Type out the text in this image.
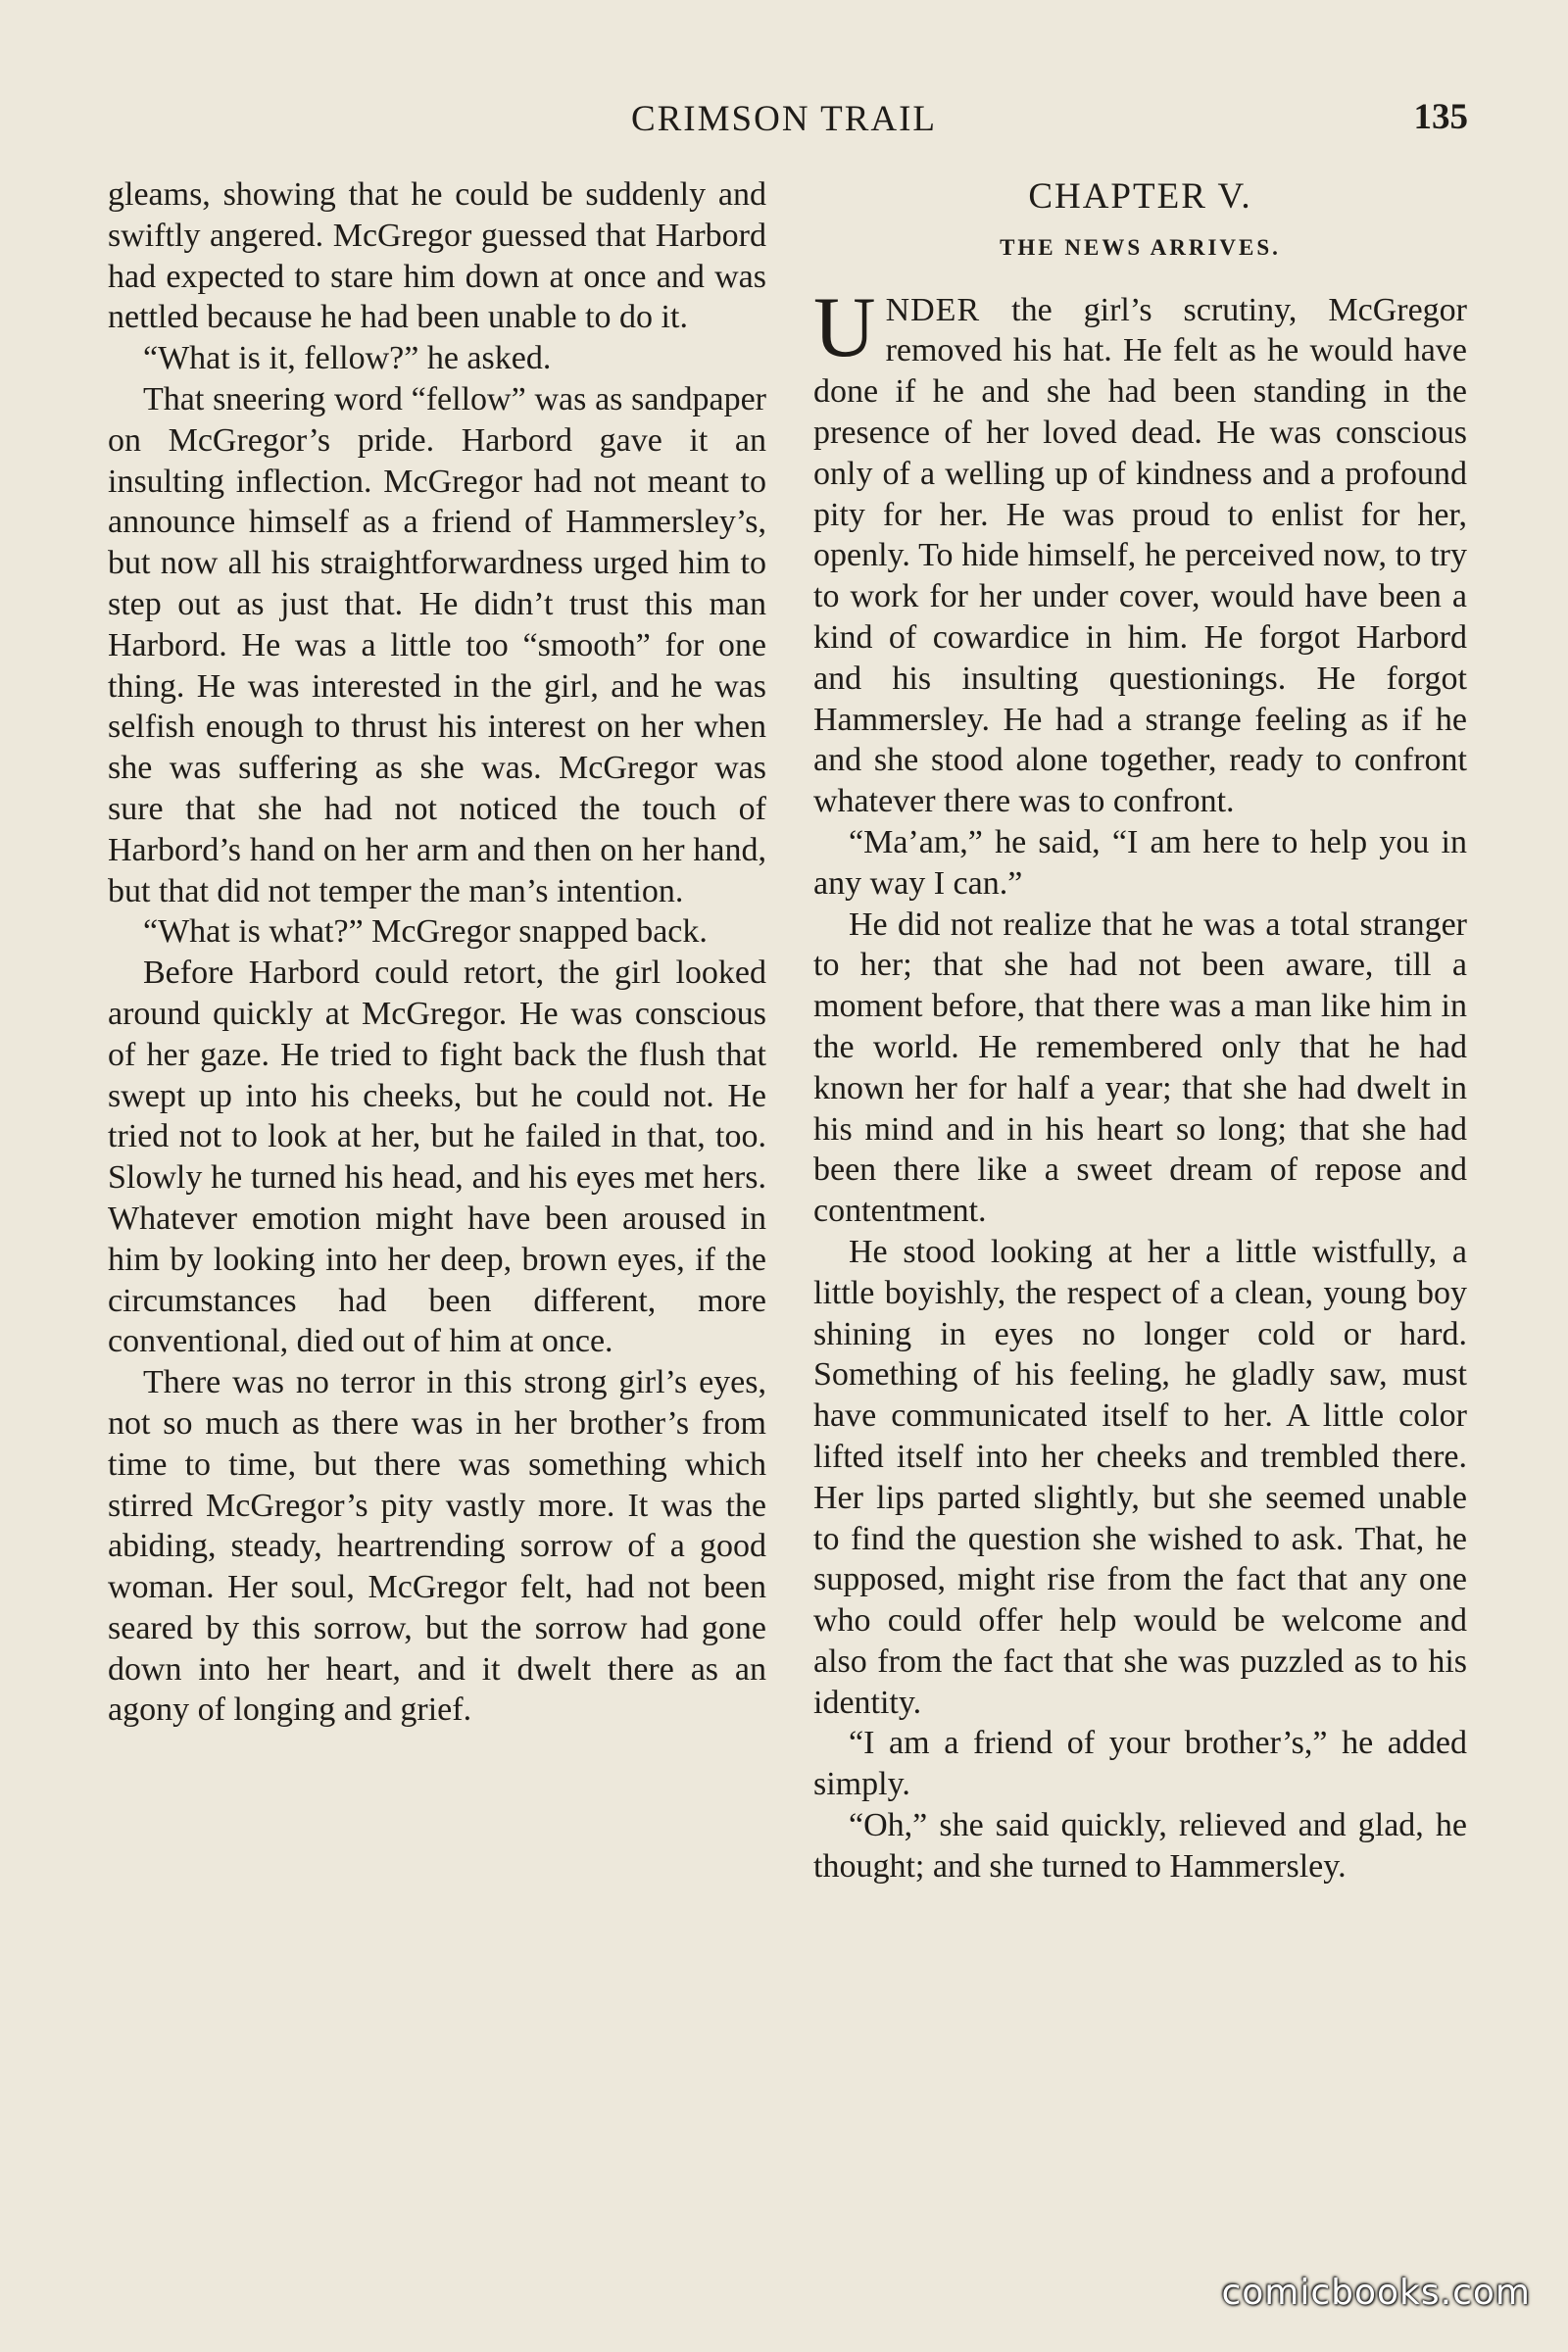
CRIMSON TRAIL	135

gleams, showing that he could be suddenly and swiftly angered. McGregor guessed that Harbord had expected to stare him down at once and was nettled because he had been unable to do it.

“What is it, fellow?” he asked.

That sneering word “fellow” was as sandpaper on McGregor’s pride. Harbord gave it an insulting inflection. McGregor had not meant to announce himself as a friend of Hammersley’s, but now all his straightforwardness urged him to step out as just that. He didn’t trust this man Harbord. He was a little too “smooth” for one thing. He was interested in the girl, and he was selfish enough to thrust his interest on her when she was suffering as she was. McGregor was sure that she had not noticed the touch of Harbord’s hand on her arm and then on her hand, but that did not temper the man’s intention.

“What is what?” McGregor snapped back.

Before Harbord could retort, the girl looked around quickly at McGregor. He was conscious of her gaze. He tried to fight back the flush that swept up into his cheeks, but he could not. He tried not to look at her, but he failed in that, too. Slowly he turned his head, and his eyes met hers. Whatever emotion might have been aroused in him by looking into her deep, brown eyes, if the circumstances had been different, more conventional, died out of him at once.

There was no terror in this strong girl’s eyes, not so much as there was in her brother’s from time to time, but there was something which stirred McGregor’s pity vastly more. It was the abiding, steady, heartrending sorrow of a good woman. Her soul, McGregor felt, had not been seared by this sorrow, but the sorrow had gone down into her heart, and it dwelt there as an agony of longing and grief.

CHAPTER V.
THE NEWS ARRIVES.

UNDER the girl’s scrutiny, McGregor removed his hat. He felt as he would have done if he and she had been standing in the presence of her loved dead. He was conscious only of a welling up of kindness and a profound pity for her. He was proud to enlist for her, openly. To hide himself, he perceived now, to try to work for her under cover, would have been a kind of cowardice in him. He forgot Harbord and his insulting questionings. He forgot Hammersley. He had a strange feeling as if he and she stood alone together, ready to confront whatever there was to confront.

“Ma’am,” he said, “I am here to help you in any way I can.”

He did not realize that he was a total stranger to her; that she had not been aware, till a moment before, that there was a man like him in the world. He remembered only that he had known her for half a year; that she had dwelt in his mind and in his heart so long; that she had been there like a sweet dream of repose and contentment.

He stood looking at her a little wistfully, a little boyishly, the respect of a clean, young boy shining in eyes no longer cold or hard. Something of his feeling, he gladly saw, must have communicated itself to her. A little color lifted itself into her cheeks and trembled there. Her lips parted slightly, but she seemed unable to find the question she wished to ask. That, he supposed, might rise from the fact that any one who could offer help would be welcome and also from the fact that she was puzzled as to his identity.

“I am a friend of your brother’s,” he added simply.

“Oh,” she said quickly, relieved and glad, he thought; and she turned to Hammersley.

comicbooks.com
